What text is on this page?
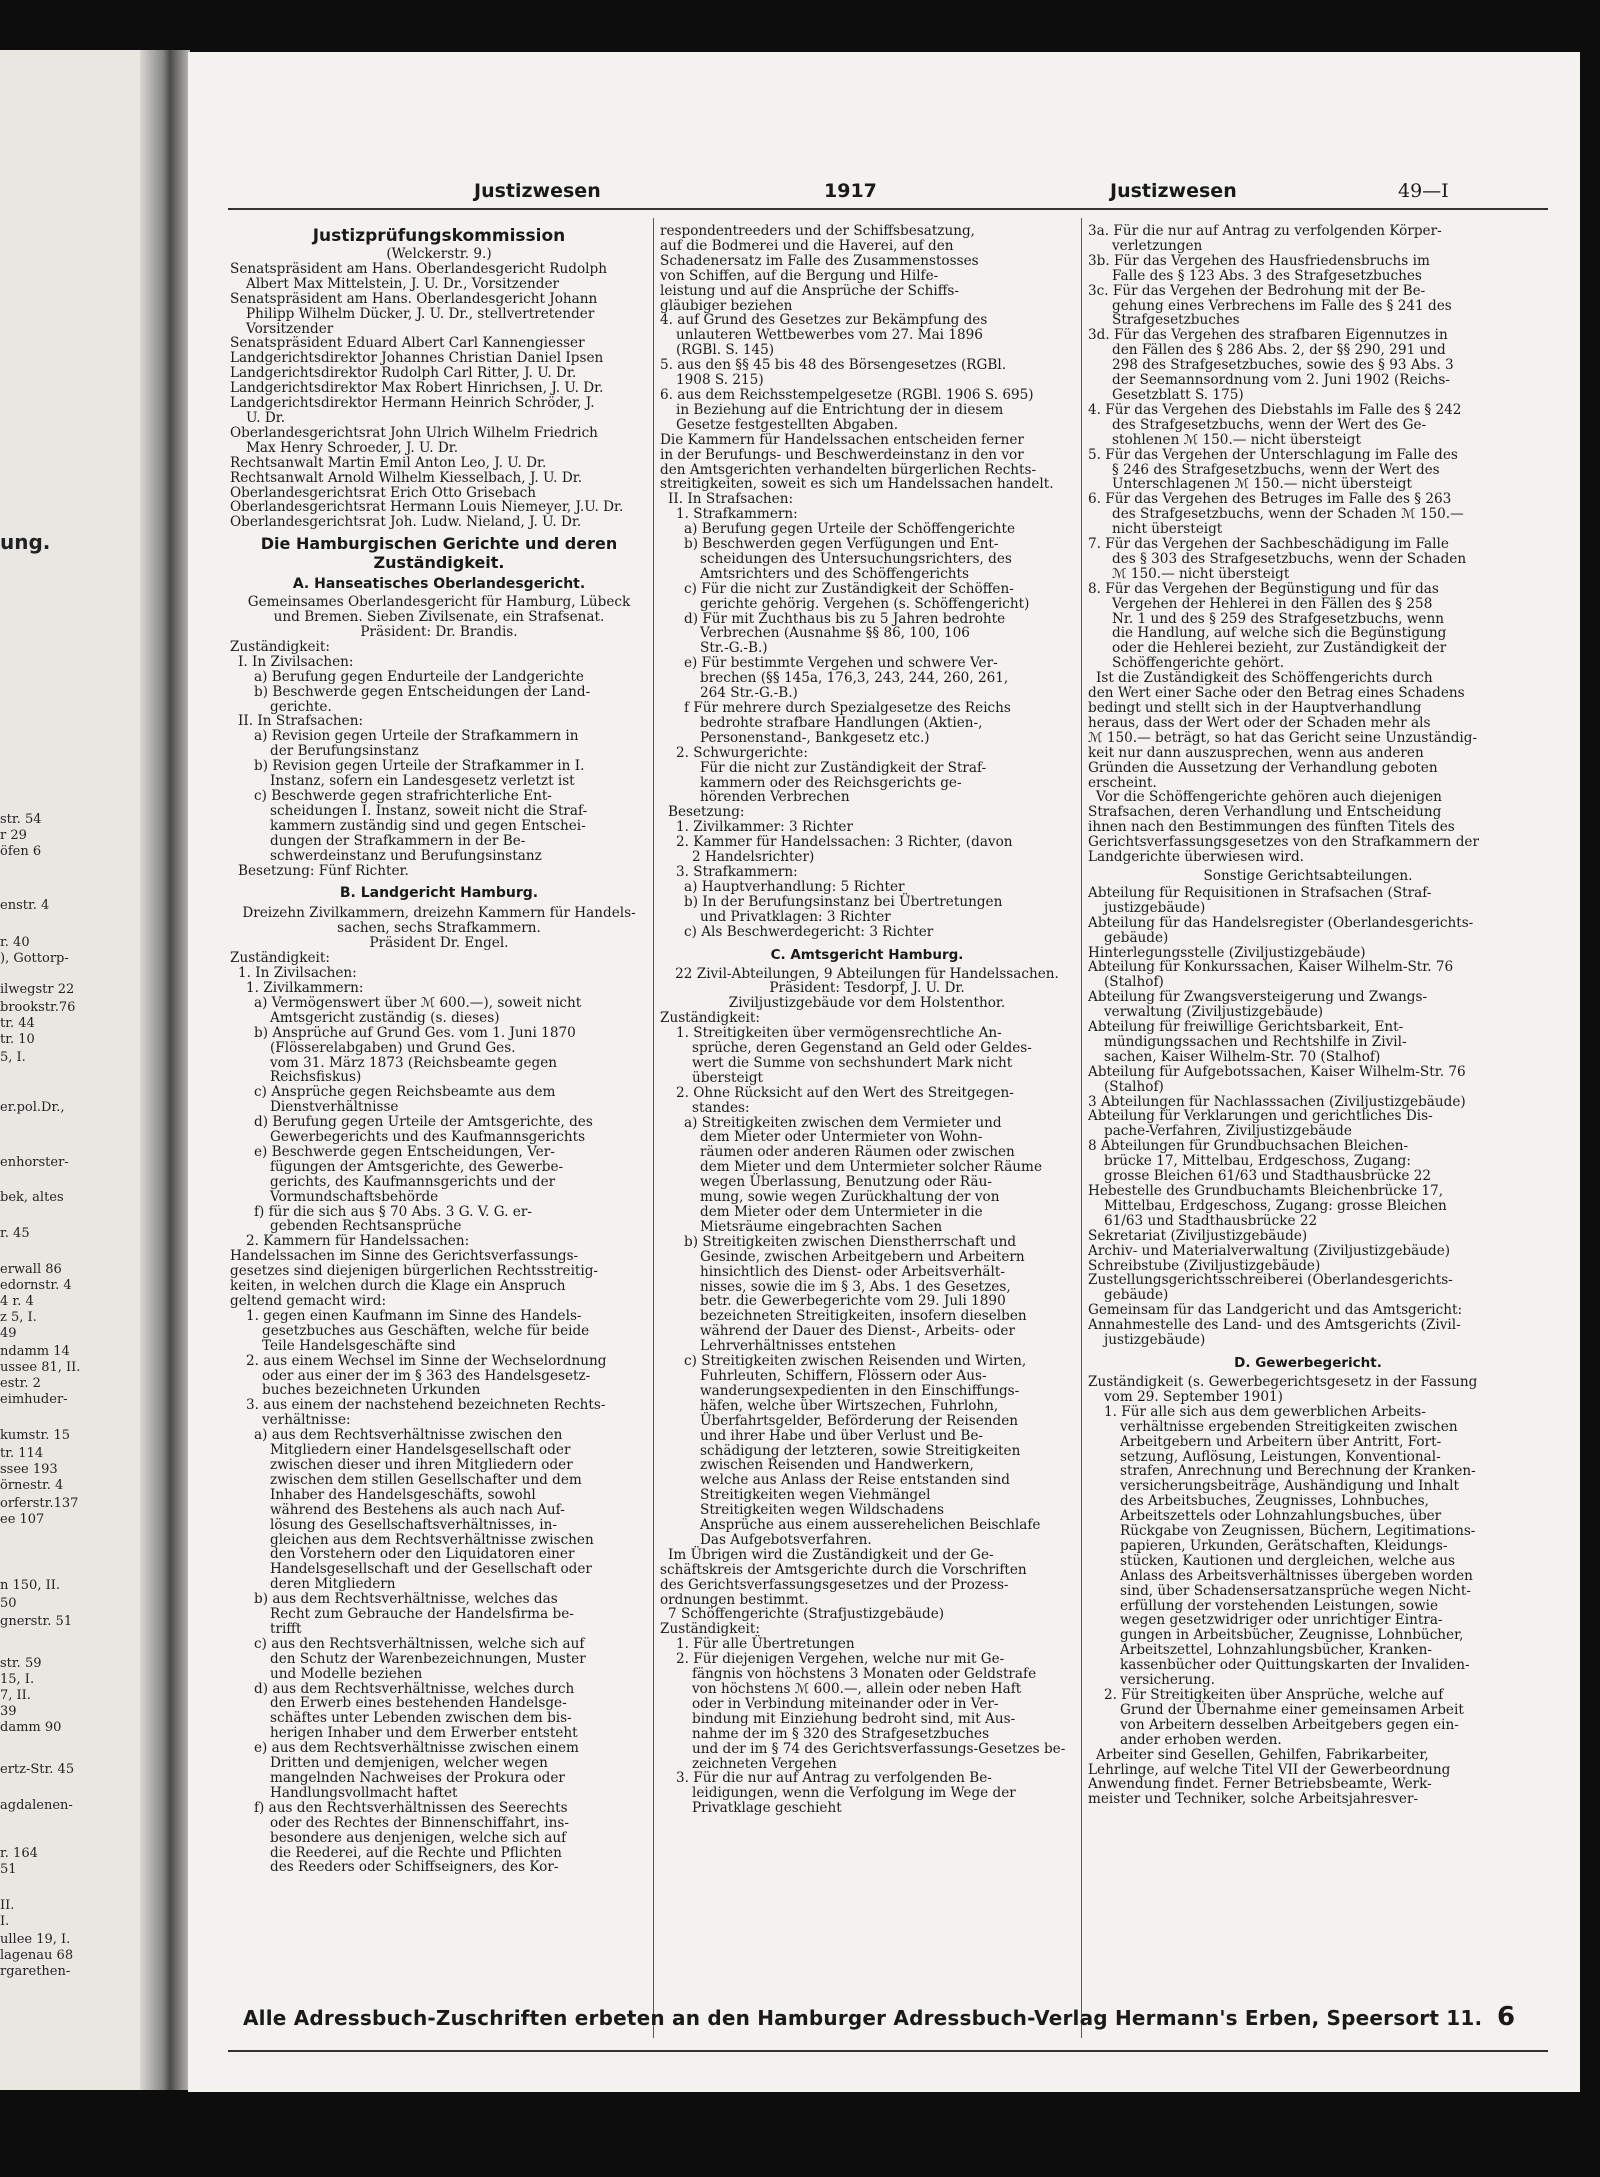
Justizwesen	1917	Justizwesen	49—I
Justizprüfungskommission
(Welckerstr. 9.)
Senatspräsident am Hans. Oberlandesgericht Rudolph
Albert Max Mittelstein, J. U. Dr., Vorsitzender
Senatspräsident am Hans. Oberlandesgericht Johann
Philipp Wilhelm Dücker, J. U. Dr., stellvertretender
Vorsitzender
Senatspräsident Eduard Albert Carl Kannengiesser
Landgerichtsdirektor Johannes Christian Daniel Ipsen
Landgerichtsdirektor Rudolph Carl Ritter, J. U. Dr.
Landgerichtsdirektor Max Robert Hinrichsen, J. U. Dr.
Landgerichtsdirektor Hermann Heinrich Schröder, J.
U. Dr.
Oberlandesgerichtsrat John Ulrich Wilhelm Friedrich
Max Henry Schroeder, J. U. Dr.
Rechtsanwalt Martin Emil Anton Leo, J. U. Dr.
Rechtsanwalt Arnold Wilhelm Kiesselbach, J. U. Dr.
Oberlandesgerichtsrat Erich Otto Grisebach
Oberlandesgerichtsrat Hermann Louis Niemeyer, J.U. Dr.
Oberlandesgerichtsrat Joh. Ludw. Nieland, J. U. Dr.
Die Hamburgischen Gerichte und deren Zuständigkeit.
A. Hanseatisches Oberlandesgericht.
Gemeinsames Oberlandesgericht für Hamburg, Lübeck
und Bremen. Sieben Zivilsenate, ein Strafsenat.
Präsident: Dr. Brandis.
Zuständigkeit:
I. In Zivilsachen:
a) Berufung gegen Endurteile der Landgerichte
b) Beschwerde gegen Entscheidungen der Land-
gerichte.
II. In Strafsachen:
a) Revision gegen Urteile der Strafkammern in
der Berufungsinstanz
b) Revision gegen Urteile der Strafkammer in I.
Instanz, sofern ein Landesgesetz verletzt ist
c) Beschwerde gegen strafrichterliche Ent-
scheidungen I. Instanz, soweit nicht die Straf-
kammern zuständig sind und gegen Entschei-
dungen der Strafkammern in der Be-
schwerdeinstanz und Berufungsinstanz
Besetzung: Fünf Richter.
B. Landgericht Hamburg.
Dreizehn Zivilkammern, dreizehn Kammern für Handels-
sachen, sechs Strafkammern.
Präsident Dr. Engel.
Zuständigkeit:
1. In Zivilsachen:
1. Zivilkammern:
a) Vermögenswert über ℳ 600.—), soweit nicht
Amtsgericht zuständig (s. dieses)
b) Ansprüche auf Grund Ges. vom 1. Juni 1870
(Flösserelabgaben) und Grund Ges.
vom 31. März 1873 (Reichsbeamte gegen
Reichsfiskus)
c) Ansprüche gegen Reichsbeamte aus dem
Dienstverhältnisse
d) Berufung gegen Urteile der Amtsgerichte, des
Gewerbegerichts und des Kaufmannsgerichts
e) Beschwerde gegen Entscheidungen, Ver-
fügungen der Amtsgerichte, des Gewerbe-
gerichts, des Kaufmannsgerichts und der
Vormundschaftsbehörde
f) für die sich aus § 70 Abs. 3 G. V. G. er-
gebenden Rechtsansprüche
2. Kammern für Handelssachen:
Handelssachen im Sinne des Gerichtsverfassungs-
gesetzes sind diejenigen bürgerlichen Rechtsstreitig-
keiten, in welchen durch die Klage ein Anspruch
geltend gemacht wird:
1. gegen einen Kaufmann im Sinne des Handels-
gesetzbuches aus Geschäften, welche für beide
Teile Handelsgeschäfte sind
2. aus einem Wechsel im Sinne der Wechselordnung
oder aus einer der im § 363 des Handelsgesetz-
buches bezeichneten Urkunden
3. aus einem der nachstehend bezeichneten Rechts-
verhältnisse:
a) aus dem Rechtsverhältnisse zwischen den
Mitgliedern einer Handelsgesellschaft oder
zwischen dieser und ihren Mitgliedern oder
zwischen dem stillen Gesellschafter und dem
Inhaber des Handelsgeschäfts, sowohl
während des Bestehens als auch nach Auf-
lösung des Gesellschaftsverhältnisses, in-
gleichen aus dem Rechtsverhältnisse zwischen
den Vorstehern oder den Liquidatoren einer
Handelsgesellschaft und der Gesellschaft oder
deren Mitgliedern
b) aus dem Rechtsverhältnisse, welches das
Recht zum Gebrauche der Handelsfirma be-
trifft
c) aus den Rechtsverhältnissen, welche sich auf
den Schutz der Warenbezeichnungen, Muster
und Modelle beziehen
d) aus dem Rechtsverhältnisse, welches durch
den Erwerb eines bestehenden Handelsge-
schäftes unter Lebenden zwischen dem bis-
herigen Inhaber und dem Erwerber entsteht
e) aus dem Rechtsverhältnisse zwischen einem
Dritten und demjenigen, welcher wegen
mangelnden Nachweises der Prokura oder
Handlungsvollmacht haftet
f) aus den Rechtsverhältnissen des Seerechts
oder des Rechtes der Binnenschiffahrt, ins-
besondere aus denjenigen, welche sich auf
die Reederei, auf die Rechte und Pflichten
des Reeders oder Schiffseigners, des Kor-
respondentreeders und der Schiffsbesatzung,
auf die Bodmerei und die Haverei, auf den
Schadenersatz im Falle des Zusammenstosses
von Schiffen, auf die Bergung und Hilfe-
leistung und auf die Ansprüche der Schiffs-
gläubiger beziehen
4. auf Grund des Gesetzes zur Bekämpfung des
unlauteren Wettbewerbes vom 27. Mai 1896
(RGBl. S. 145)
5. aus den §§ 45 bis 48 des Börsengesetzes (RGBl.
1908 S. 215)
6. aus dem Reichsstempelgesetze (RGBl. 1906 S. 695)
in Beziehung auf die Entrichtung der in diesem
Gesetze festgestellten Abgaben.
Die Kammern für Handelssachen entscheiden ferner
in der Berufungs- und Beschwerdeinstanz in den vor
den Amtsgerichten verhandelten bürgerlichen Rechts-
streitigkeiten, soweit es sich um Handelssachen handelt.
II. In Strafsachen:
1. Strafkammern:
a) Berufung gegen Urteile der Schöffengerichte
b) Beschwerden gegen Verfügungen und Ent-
scheidungen des Untersuchungsrichters, des
Amtsrichters und des Schöffengerichts
c) Für die nicht zur Zuständigkeit der Schöffen-
gerichte gehörig. Vergehen (s. Schöffengericht)
d) Für mit Zuchthaus bis zu 5 Jahren bedrohte
Verbrechen (Ausnahme §§ 86, 100, 106
Str.-G.-B.)
e) Für bestimmte Vergehen und schwere Ver-
brechen (§§ 145a, 176,3, 243, 244, 260, 261,
264 Str.-G.-B.)
f Für mehrere durch Spezialgesetze des Reichs
bedrohte strafbare Handlungen (Aktien-,
Personenstand-, Bankgesetz etc.)
2. Schwurgerichte:
Für die nicht zur Zuständigkeit der Straf-
kammern oder des Reichsgerichts ge-
hörenden Verbrechen
Besetzung:
1. Zivilkammer: 3 Richter
2. Kammer für Handelssachen: 3 Richter, (davon
2 Handelsrichter)
3. Strafkammern:
a) Hauptverhandlung: 5 Richter
b) In der Berufungsinstanz bei Übertretungen
und Privatklagen: 3 Richter
c) Als Beschwerdegericht: 3 Richter
C. Amtsgericht Hamburg.
22 Zivil-Abteilungen, 9 Abteilungen für Handelssachen.
Präsident: Tesdorpf, J. U. Dr.
Ziviljustizgebäude vor dem Holstenthor.
Zuständigkeit:
1. Streitigkeiten über vermögensrechtliche An-
sprüche, deren Gegenstand an Geld oder Geldes-
wert die Summe von sechshundert Mark nicht
übersteigt
2. Ohne Rücksicht auf den Wert des Streitgegen-
standes:
a) Streitigkeiten zwischen dem Vermieter und
dem Mieter oder Untermieter von Wohn-
räumen oder anderen Räumen oder zwischen
dem Mieter und dem Untermieter solcher Räume
wegen Überlassung, Benutzung oder Räu-
mung, sowie wegen Zurückhaltung der von
dem Mieter oder dem Untermieter in die
Mietsräume eingebrachten Sachen
b) Streitigkeiten zwischen Dienstherrschaft und
Gesinde, zwischen Arbeitgebern und Arbeitern
hinsichtlich des Dienst- oder Arbeitsverhält-
nisses, sowie die im § 3, Abs. 1 des Gesetzes,
betr. die Gewerbegerichte vom 29. Juli 1890
bezeichneten Streitigkeiten, insofern dieselben
während der Dauer des Dienst-, Arbeits- oder
Lehrverhältnisses entstehen
c) Streitigkeiten zwischen Reisenden und Wirten,
Fuhrleuten, Schiffern, Flössern oder Aus-
wanderungsexpedienten in den Einschiffungs-
häfen, welche über Wirtszechen, Fuhrlohn,
Überfahrtsgelder, Beförderung der Reisenden
und ihrer Habe und über Verlust und Be-
schädigung der letzteren, sowie Streitigkeiten
zwischen Reisenden und Handwerkern,
welche aus Anlass der Reise entstanden sind
Streitigkeiten wegen Viehmängel
Streitigkeiten wegen Wildschadens
Ansprüche aus einem ausserehelichen Beischlafe
Das Aufgebotsverfahren.
Im Übrigen wird die Zuständigkeit und der Ge-
schäftskreis der Amtsgerichte durch die Vorschriften
des Gerichtsverfassungsgesetzes und der Prozess-
ordnungen bestimmt.
7 Schöffengerichte (Strafjustizgebäude)
Zuständigkeit:
1. Für alle Übertretungen
2. Für diejenigen Vergehen, welche nur mit Ge-
fängnis von höchstens 3 Monaten oder Geldstrafe
von höchstens ℳ 600.—, allein oder neben Haft
oder in Verbindung miteinander oder in Ver-
bindung mit Einziehung bedroht sind, mit Aus-
nahme der im § 320 des Strafgesetzbuches
und der im § 74 des Gerichtsverfassungs-Gesetzes be-
zeichneten Vergehen
3. Für die nur auf Antrag zu verfolgenden Be-
leidigungen, wenn die Verfolgung im Wege der
Privatklage geschieht
3a. Für die nur auf Antrag zu verfolgenden Körper-
verletzungen
3b. Für das Vergehen des Hausfriedensbruchs im
Falle des § 123 Abs. 3 des Strafgesetzbuches
3c. Für das Vergehen der Bedrohung mit der Be-
gehung eines Verbrechens im Falle des § 241 des
Strafgesetzbuches
3d. Für das Vergehen des strafbaren Eigennutzes in
den Fällen des § 286 Abs. 2, der §§ 290, 291 und
298 des Strafgesetzbuches, sowie des § 93 Abs. 3
der Seemannsordnung vom 2. Juni 1902 (Reichs-
Gesetzblatt S. 175)
4. Für das Vergehen des Diebstahls im Falle des § 242
des Strafgesetzbuchs, wenn der Wert des Ge-
stohlenen ℳ 150.— nicht übersteigt
5. Für das Vergehen der Unterschlagung im Falle des
§ 246 des Strafgesetzbuchs, wenn der Wert des
Unterschlagenen ℳ 150.— nicht übersteigt
6. Für das Vergehen des Betruges im Falle des § 263
des Strafgesetzbuchs, wenn der Schaden ℳ 150.—
nicht übersteigt
7. Für das Vergehen der Sachbeschädigung im Falle
des § 303 des Strafgesetzbuchs, wenn der Schaden
ℳ 150.— nicht übersteigt
8. Für das Vergehen der Begünstigung und für das
Vergehen der Hehlerei in den Fällen des § 258
Nr. 1 und des § 259 des Strafgesetzbuchs, wenn
die Handlung, auf welche sich die Begünstigung
oder die Hehlerei bezieht, zur Zuständigkeit der
Schöffengerichte gehört.
Ist die Zuständigkeit des Schöffengerichts durch
den Wert einer Sache oder den Betrag eines Schadens
bedingt und stellt sich in der Hauptverhandlung
heraus, dass der Wert oder der Schaden mehr als
ℳ 150.— beträgt, so hat das Gericht seine Unzuständig-
keit nur dann auszusprechen, wenn aus anderen
Gründen die Aussetzung der Verhandlung geboten
erscheint.
Vor die Schöffengerichte gehören auch diejenigen
Strafsachen, deren Verhandlung und Entscheidung
ihnen nach den Bestimmungen des fünften Titels des
Gerichtsverfassungsgesetzes von den Strafkammern der
Landgerichte überwiesen wird.
Sonstige Gerichtsabteilungen.
Abteilung für Requisitionen in Strafsachen (Straf-
justizgebäude)
Abteilung für das Handelsregister (Oberlandesgerichts-
gebäude)
Hinterlegungsstelle (Ziviljustizgebäude)
Abteilung für Konkurssachen, Kaiser Wilhelm-Str. 76
(Stalhof)
Abteilung für Zwangsversteigerung und Zwangs-
verwaltung (Ziviljustizgebäude)
Abteilung für freiwillige Gerichtsbarkeit, Ent-
mündigungssachen und Rechtshilfe in Zivil-
sachen, Kaiser Wilhelm-Str. 70 (Stalhof)
Abteilung für Aufgebotssachen, Kaiser Wilhelm-Str. 76
(Stalhof)
3 Abteilungen für Nachlasssachen (Ziviljustizgebäude)
Abteilung für Verklarungen und gerichtliches Dis-
pache-Verfahren, Ziviljustizgebäude
8 Abteilungen für Grundbuchsachen Bleichen-
brücke 17, Mittelbau, Erdgeschoss, Zugang:
grosse Bleichen 61/63 und Stadthausbrücke 22
Hebestelle des Grundbuchamts Bleichenbrücke 17,
Mittelbau, Erdgeschoss, Zugang: grosse Bleichen
61/63 und Stadthausbrücke 22
Sekretariat (Ziviljustizgebäude)
Archiv- und Materialverwaltung (Ziviljustizgebäude)
Schreibstube (Ziviljustizgebäude)
Zustellungsgerichtsschreiberei (Oberlandesgerichts-
gebäude)
Gemeinsam für das Landgericht und das Amtsgericht:
Annahmestelle des Land- und des Amtsgerichts (Zivil-
justizgebäude)
D. Gewerbegericht.
Zuständigkeit (s. Gewerbegerichtsgesetz in der Fassung
vom 29. September 1901)
1. Für alle sich aus dem gewerblichen Arbeits-
verhältnisse ergebenden Streitigkeiten zwischen
Arbeitgebern und Arbeitern über Antritt, Fort-
setzung, Auflösung, Leistungen, Konventional-
strafen, Anrechnung und Berechnung der Kranken-
versicherungsbeiträge, Aushändigung und Inhalt
des Arbeitsbuches, Zeugnisses, Lohnbuches,
Arbeitszettels oder Lohnzahlungsbuches, über
Rückgabe von Zeugnissen, Büchern, Legitimations-
papieren, Urkunden, Gerätschaften, Kleidungs-
stücken, Kautionen und dergleichen, welche aus
Anlass des Arbeitsverhältnisses übergeben worden
sind, über Schadensersatzansprüche wegen Nicht-
erfüllung der vorstehenden Leistungen, sowie
wegen gesetzwidriger oder unrichtiger Eintra-
gungen in Arbeitsbücher, Zeugnisse, Lohnbücher,
Arbeitszettel, Lohnzahlungsbücher, Kranken-
kassenbücher oder Quittungskarten der Invaliden-
versicherung.
2. Für Streitigkeiten über Ansprüche, welche auf
Grund der Übernahme einer gemeinsamen Arbeit
von Arbeitern desselben Arbeitgebers gegen ein-
ander erhoben werden.
Arbeiter sind Gesellen, Gehilfen, Fabrikarbeiter,
Lehrlinge, auf welche Titel VII der Gewerbeordnung
Anwendung findet. Ferner Betriebsbeamte, Werk-
meister und Techniker, solche Arbeitsjahresver-
Alle Adressbuch-Zuschriften erbeten an den Hamburger Adressbuch-Verlag Hermann's Erben, Speersort 11. 6
ung.
str. 54
r 29
öfen 6
enstr. 4
r. 40
), Gottorp-
ilwegstr 22
brookstr.76
tr. 44
tr. 10
5, I.
er.pol.Dr.,
enhorster-
bek, altes
r. 45
erwall 86
edornstr. 4
4 r. 4
z 5, I.
49
ndamm 14
ussee 81, II.
estr. 2
eimhuder-
kumstr. 15
tr. 114
ssee 193
örnestr. 4
orferstr.137
ee 107
n 150, II.
50
gnerstr. 51
str. 59
15, I.
7, II.
39
damm 90
ertz-Str. 45
agdalenen-
r. 164
51
II.
I.
ullee 19, I.
lagenau 68
rgarethen-
